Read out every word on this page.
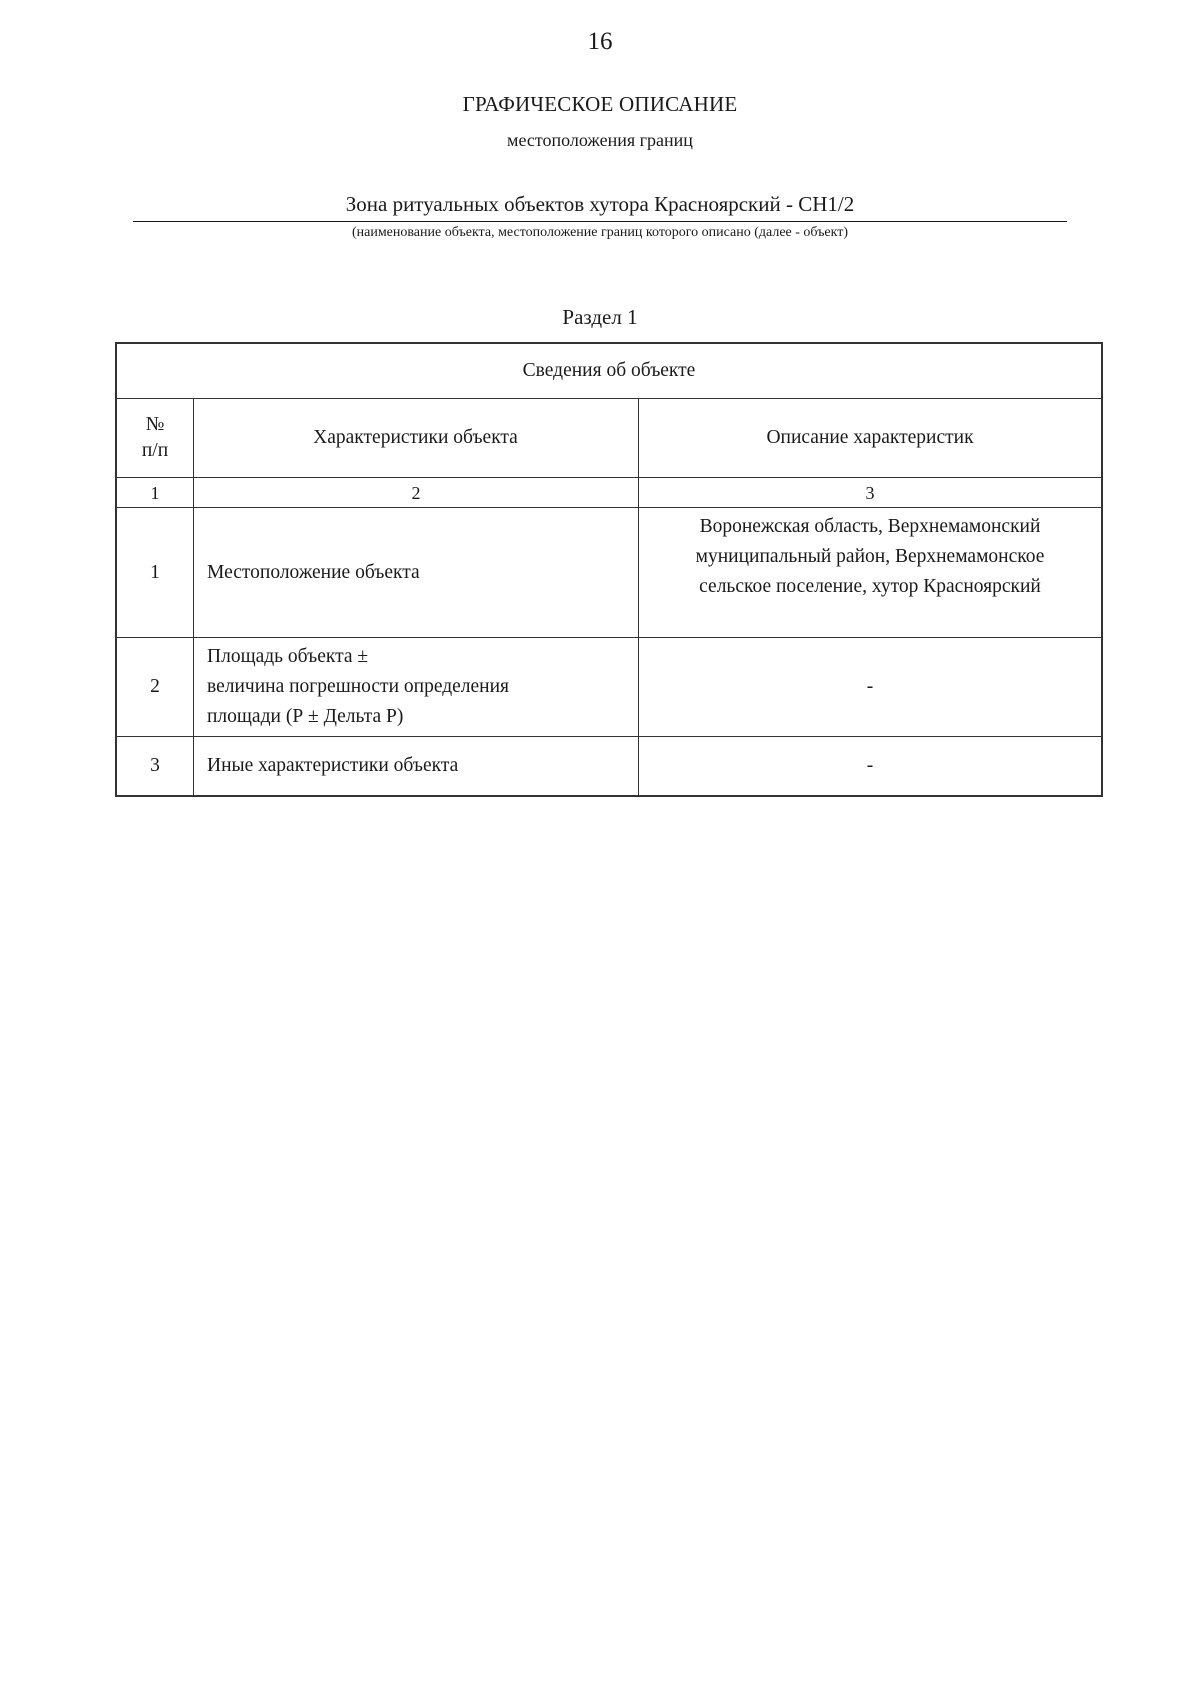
16
ГРАФИЧЕСКОЕ ОПИСАНИЕ
местоположения границ
Зона ритуальных объектов хутора Красноярский - СН1/2
(наименование объекта, местоположение границ которого описано (далее - объект)
Раздел 1
Сведения об объекте		
№
п/п	Характеристики объекта	Описание характеристик
1	2	3
1	Местоположение объекта	Воронежская область, Верхнемамонский
муниципальный район, Верхнемамонское
сельское поселение, хутор Красноярский
2	Площадь объекта ±
величина погрешности определения
площади (Р ± Дельта Р)	-
3	Иные характеристики объекта	-
